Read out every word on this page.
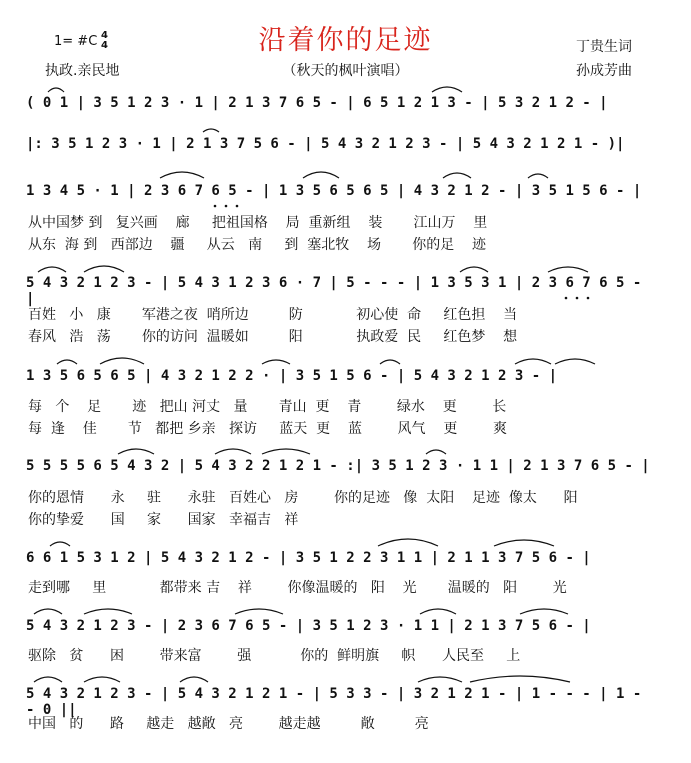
沿着你的足迹
1= #C 4
4
执政.亲民地	（秋天的枫叶演唱）
丁贵生词
孙成芳曲
( 0 1 | 3 5 1 2 3 · 1 | 2 1 3 7 6 5 - | 6 5 1 2 1 3 - | 5 3 2 1 2 - |
|: 3 5 1 2 3 · 1 | 2 1 3 7 5 6 - | 5 4 3 2 1 2 3 - | 5 4 3 2 1 2 1 - )|
1 3 4 5 · 1 | 2 3 6 7 6 5 - | 1 3 5 6 5 6 5 | 4 3 2 1 2 - | 3 5 1 5 6 - |
从中国梦 到   复兴画    廊     把祖国格    局  重新组    装       江山万    里
从东  海 到   西部边    疆     从云   南     到  塞北牧    场       你的足    迹
5 4 3 2 1 2 3 - | 5 4 3 1 2 3 6 · 7 | 5 - - - | 1 3 5 3 1 | 2 3 6 7 6 5 - |
百姓   小   康       军港之夜  哨所边         防            初心使  命     红色担    当
春风   浩   荡       你的访问  温暖如         阳            执政爱  民     红色梦    想
1 3 5 6 5 6 5 | 4 3 2 1 2 2 · | 3 5 1 5 6 - | 5 4 3 2 1 2 3 - |
每   个    足       迹   把山 河丈   量       青山  更    青        绿水    更        长
每  逢    佳       节   都把 乡亲   探访     蓝天  更    蓝        风气    更        爽
5 5 5 5 6 5 4 3 2 | 5 4 3 2 2 1 2 1 - :| 3 5 1 2 3 · 1 1 | 2 1 3 7 6 5 - |
你的恩情      永     驻      永驻   百姓心   房        你的足迹   像  太阳    足迹  像太      阳
你的挚爱      国     家      国家   幸福吉   祥
6 6 1 5 3 1 2 | 5 4 3 2 1 2 - | 3 5 1 2 2 3 1 1 | 2 1 1 3 7 5 6 - |
走到哪     里            都带来 吉    祥        你像温暖的   阳    光       温暖的   阳        光
5 4 3 2 1 2 3 - | 2 3 6 7 6 5 - | 3 5 1 2 3 · 1 1 | 2 1 3 7 5 6 - |
驱除   贫      困        带来富        强           你的  鲜明旗     帜      人民至     上
5 4 3 2 1 2 3 - | 5 4 3 2 1 2 1 - | 5 3 3 - | 3 2 1 2 1 - | 1 - - - | 1 - - 0 ||
中国   的      路     越走   越敞   亮        越走越         敞         亮
